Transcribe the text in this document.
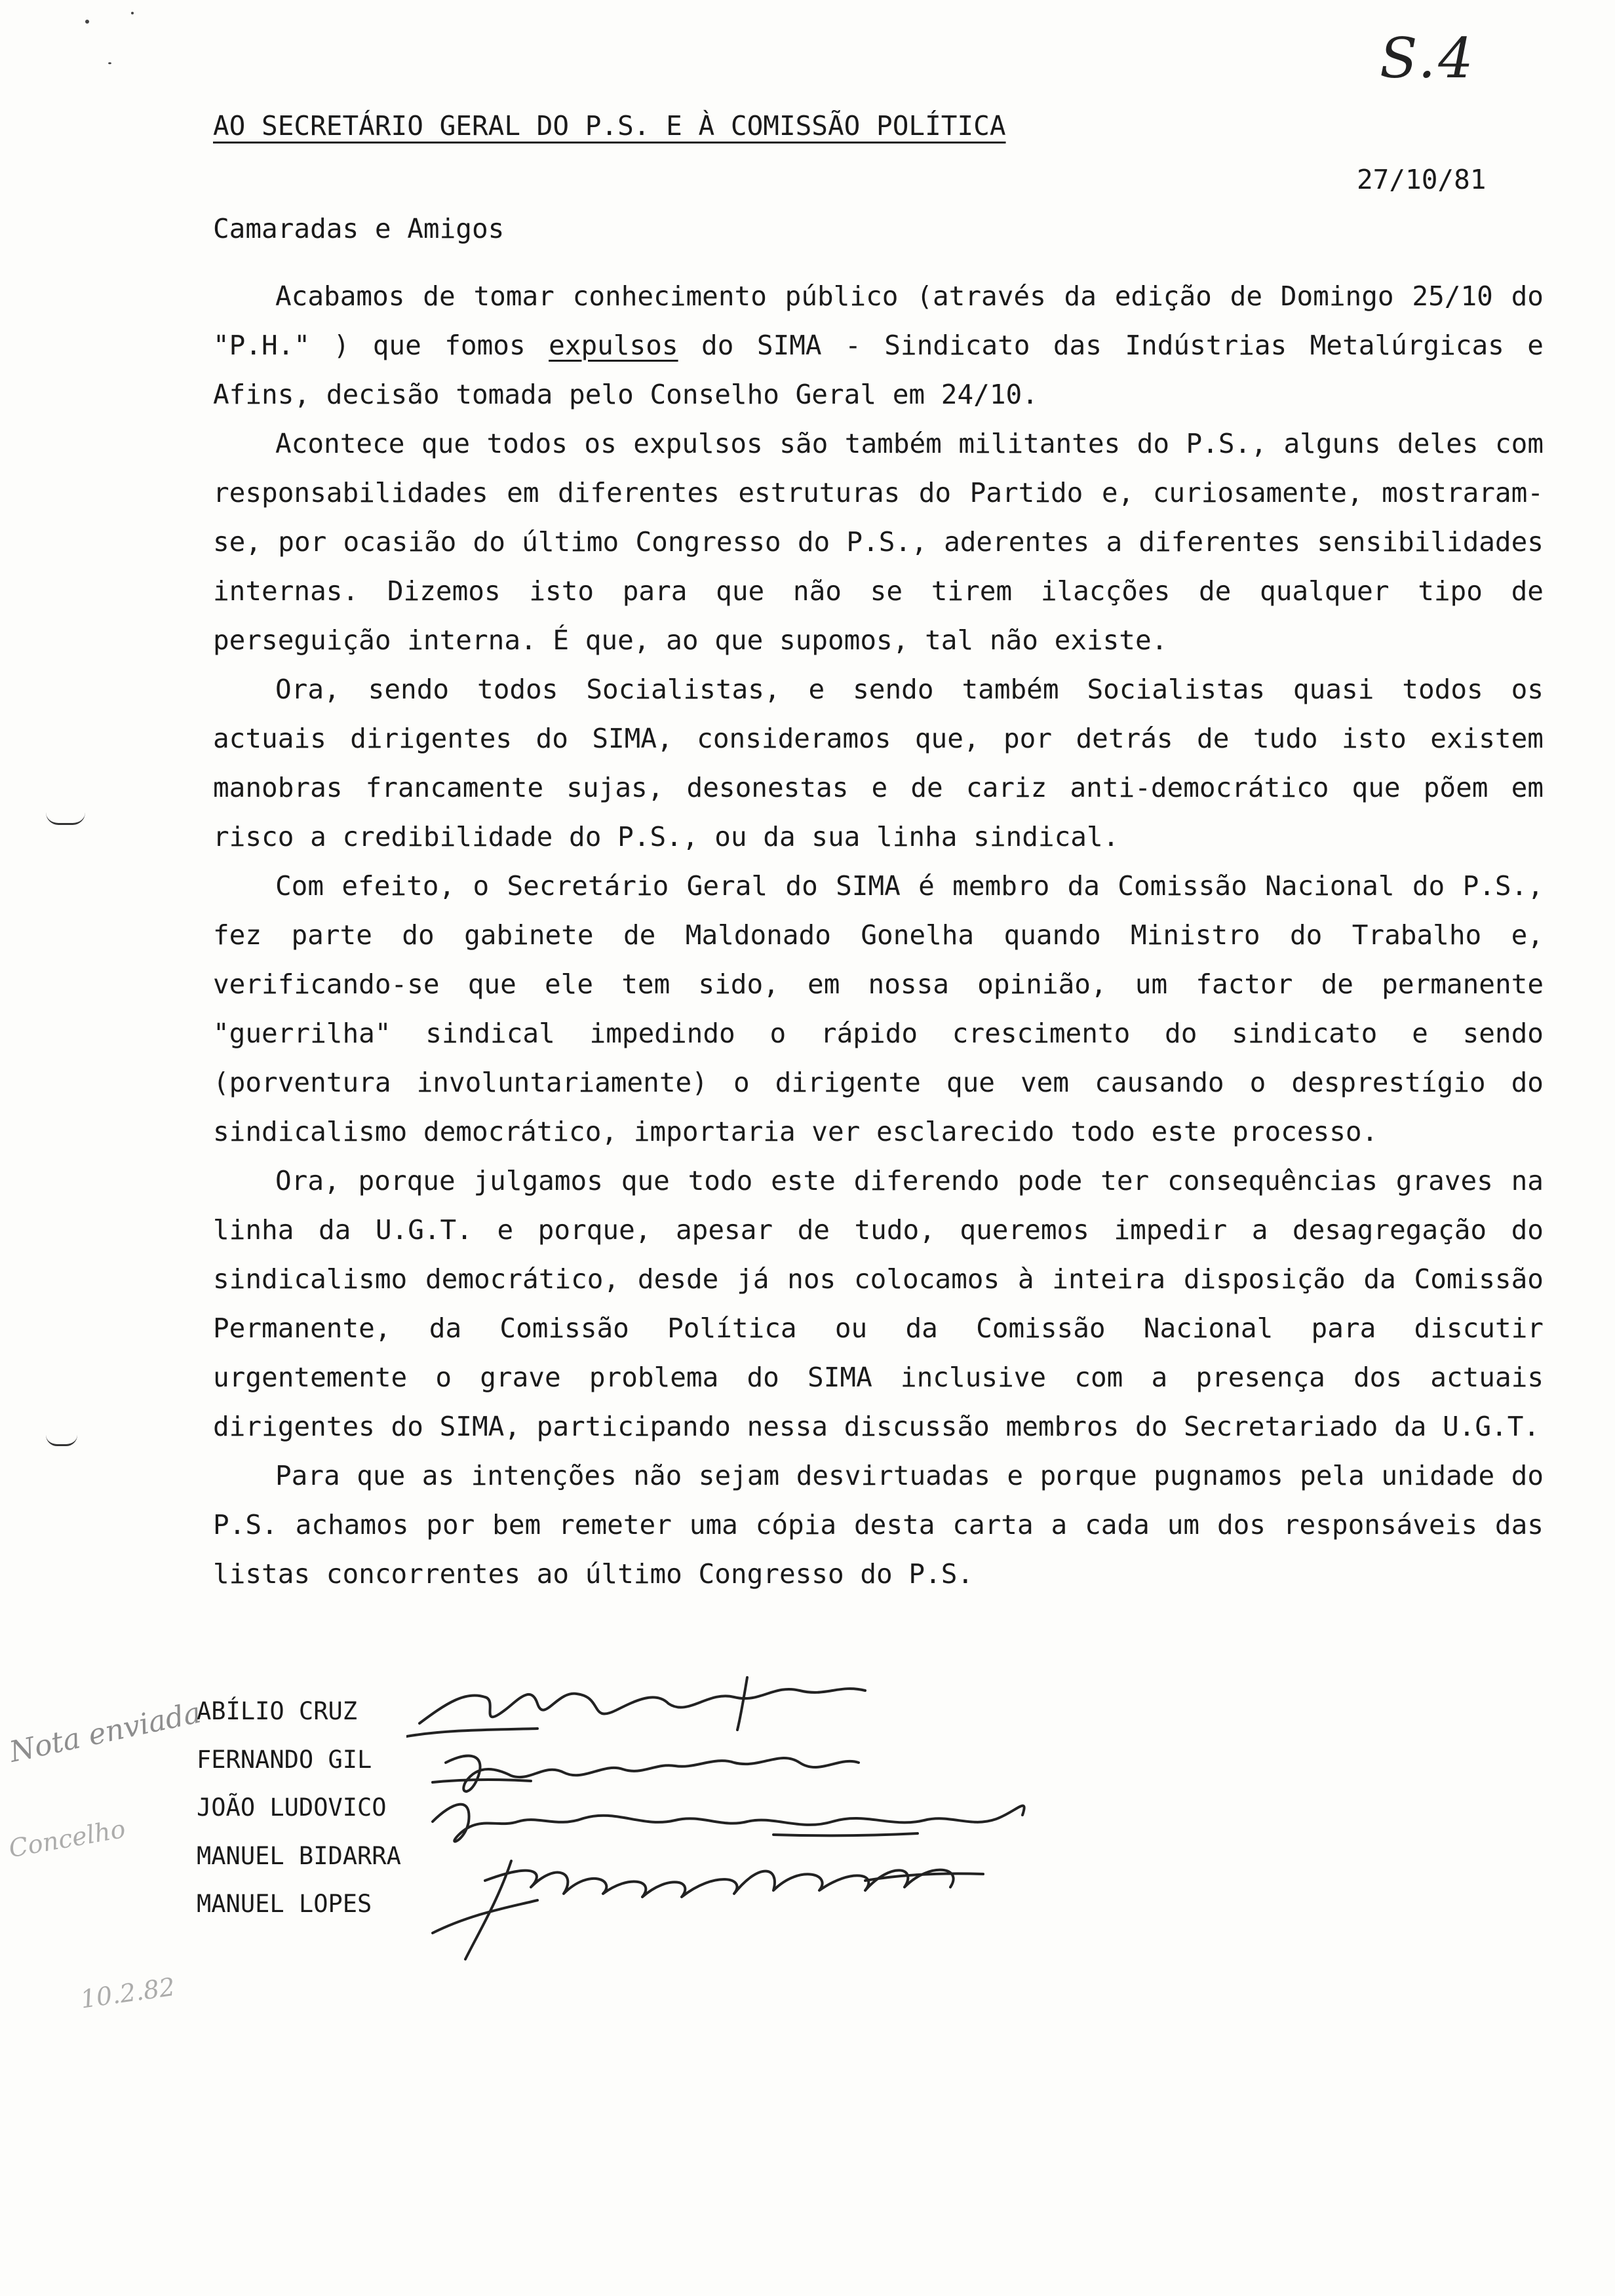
S.4
AO SECRETÁRIO GERAL DO P.S. E À COMISSÃO POLÍTICA
27/10/81
Camaradas e Amigos

Acabamos de tomar conhecimento público (através da edição de Domingo 25/10 do "P.H." ) que fomos expulsos do SIMA - Sindicato das Indústrias Metalúrgicas e Afins, decisão tomada pelo Conselho Geral em 24/10.

Acontece que todos os expulsos são também militantes do P.S., alguns deles com responsabilidades em diferentes estruturas do Partido e, curiosamente, mostraram-se, por ocasião do último Congresso do P.S., aderentes a diferentes sensibilidades internas. Dizemos isto para que não se tirem ilacções de qualquer tipo de perseguição interna. É que, ao que supomos, tal não existe.

Ora, sendo todos Socialistas, e sendo também Socialistas quasi todos os actuais dirigentes do SIMA, consideramos que, por detrás de tudo isto existem manobras francamente sujas, desonestas e de cariz anti-democrático que põem em risco a credibilidade do P.S., ou da sua linha sindical.

Com efeito, o Secretário Geral do SIMA é membro da Comissão Nacional do P.S., fez parte do gabinete de Maldonado Gonelha quando Ministro do Trabalho e, verificando-se que ele tem sido, em nossa opinião, um factor de permanente "guerrilha" sindical impedindo o rápido crescimento do sindicato e sendo (porventura involuntariamente) o dirigente que vem causando o desprestígio do sindicalismo democrático, importaria ver esclarecido todo este processo.

Ora, porque julgamos que todo este diferendo pode ter consequências graves na linha da U.G.T. e porque, apesar de tudo, queremos impedir a desagregação do sindicalismo democrático, desde já nos colocamos à inteira disposição da Comissão Permanente, da Comissão Política ou da Comissão Nacional para discutir urgentemente o grave problema do SIMA inclusive com a presença dos actuais dirigentes do SIMA, participando nessa discussão membros do Secretariado da U.G.T.

Para que as intenções não sejam desvirtuadas e porque pugnamos pela unidade do P.S. achamos por bem remeter uma cópia desta carta a cada um dos responsáveis das listas concorrentes ao último Congresso do P.S.

ABÍLIO CRUZ
FERNANDO GIL
JOÃO LUDOVICO
MANUEL BIDARRA
MANUEL LOPES
Nota enviada
Concelho
10.2.82
